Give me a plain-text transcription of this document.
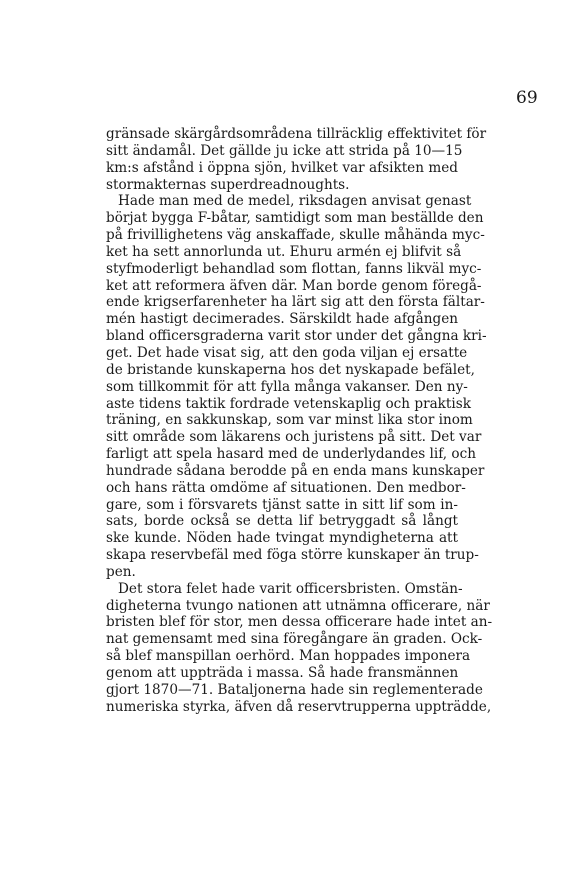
69
gränsade skärgårdsområdena tillräcklig effektivitet för
sitt ändamål. Det gällde ju icke att strida på 10—15
km:s afstånd i öppna sjön, hvilket var afsikten med
stormakternas superdreadnoughts.
Hade man med de medel, riksdagen anvisat genast
börjat bygga F-båtar, samtidigt som man beställde den
på frivillighetens väg anskaffade, skulle måhända myc-
ket ha sett annorlunda ut. Ehuru armén ej blifvit så
styfmoderligt behandlad som flottan, fanns likväl myc-
ket att reformera äfven där. Man borde genom föregå-
ende krigserfarenheter ha lärt sig att den första fältar-
mén hastigt decimerades. Särskildt hade afgången
bland officersgraderna varit stor under det gångna kri-
get. Det hade visat sig, att den goda viljan ej ersatte
de bristande kunskaperna hos det nyskapade befälet,
som tillkommit för att fylla många vakanser. Den ny-
aste tidens taktik fordrade vetenskaplig och praktisk
träning, en sakkunskap, som var minst lika stor inom
sitt område som läkarens och juristens på sitt. Det var
farligt att spela hasard med de underlydandes lif, och
hundrade sådana berodde på en enda mans kunskaper
och hans rätta omdöme af situationen. Den medbor-
gare, som i försvarets tjänst satte in sitt lif som in-
sats, borde också se detta lif betryggadt så långt
ske kunde. Nöden hade tvingat myndigheterna att
skapa reservbefäl med föga större kunskaper än trup-
pen.
Det stora felet hade varit officersbristen. Omstän-
digheterna tvungo nationen att utnämna officerare, när
bristen blef för stor, men dessa officerare hade intet an-
nat gemensamt med sina föregångare än graden. Ock-
så blef manspillan oerhörd. Man hoppades imponera
genom att uppträda i massa. Så hade fransmännen
gjort 1870—71. Bataljonerna hade sin reglementerade
numeriska styrka, äfven då reservtrupperna uppträdde,
